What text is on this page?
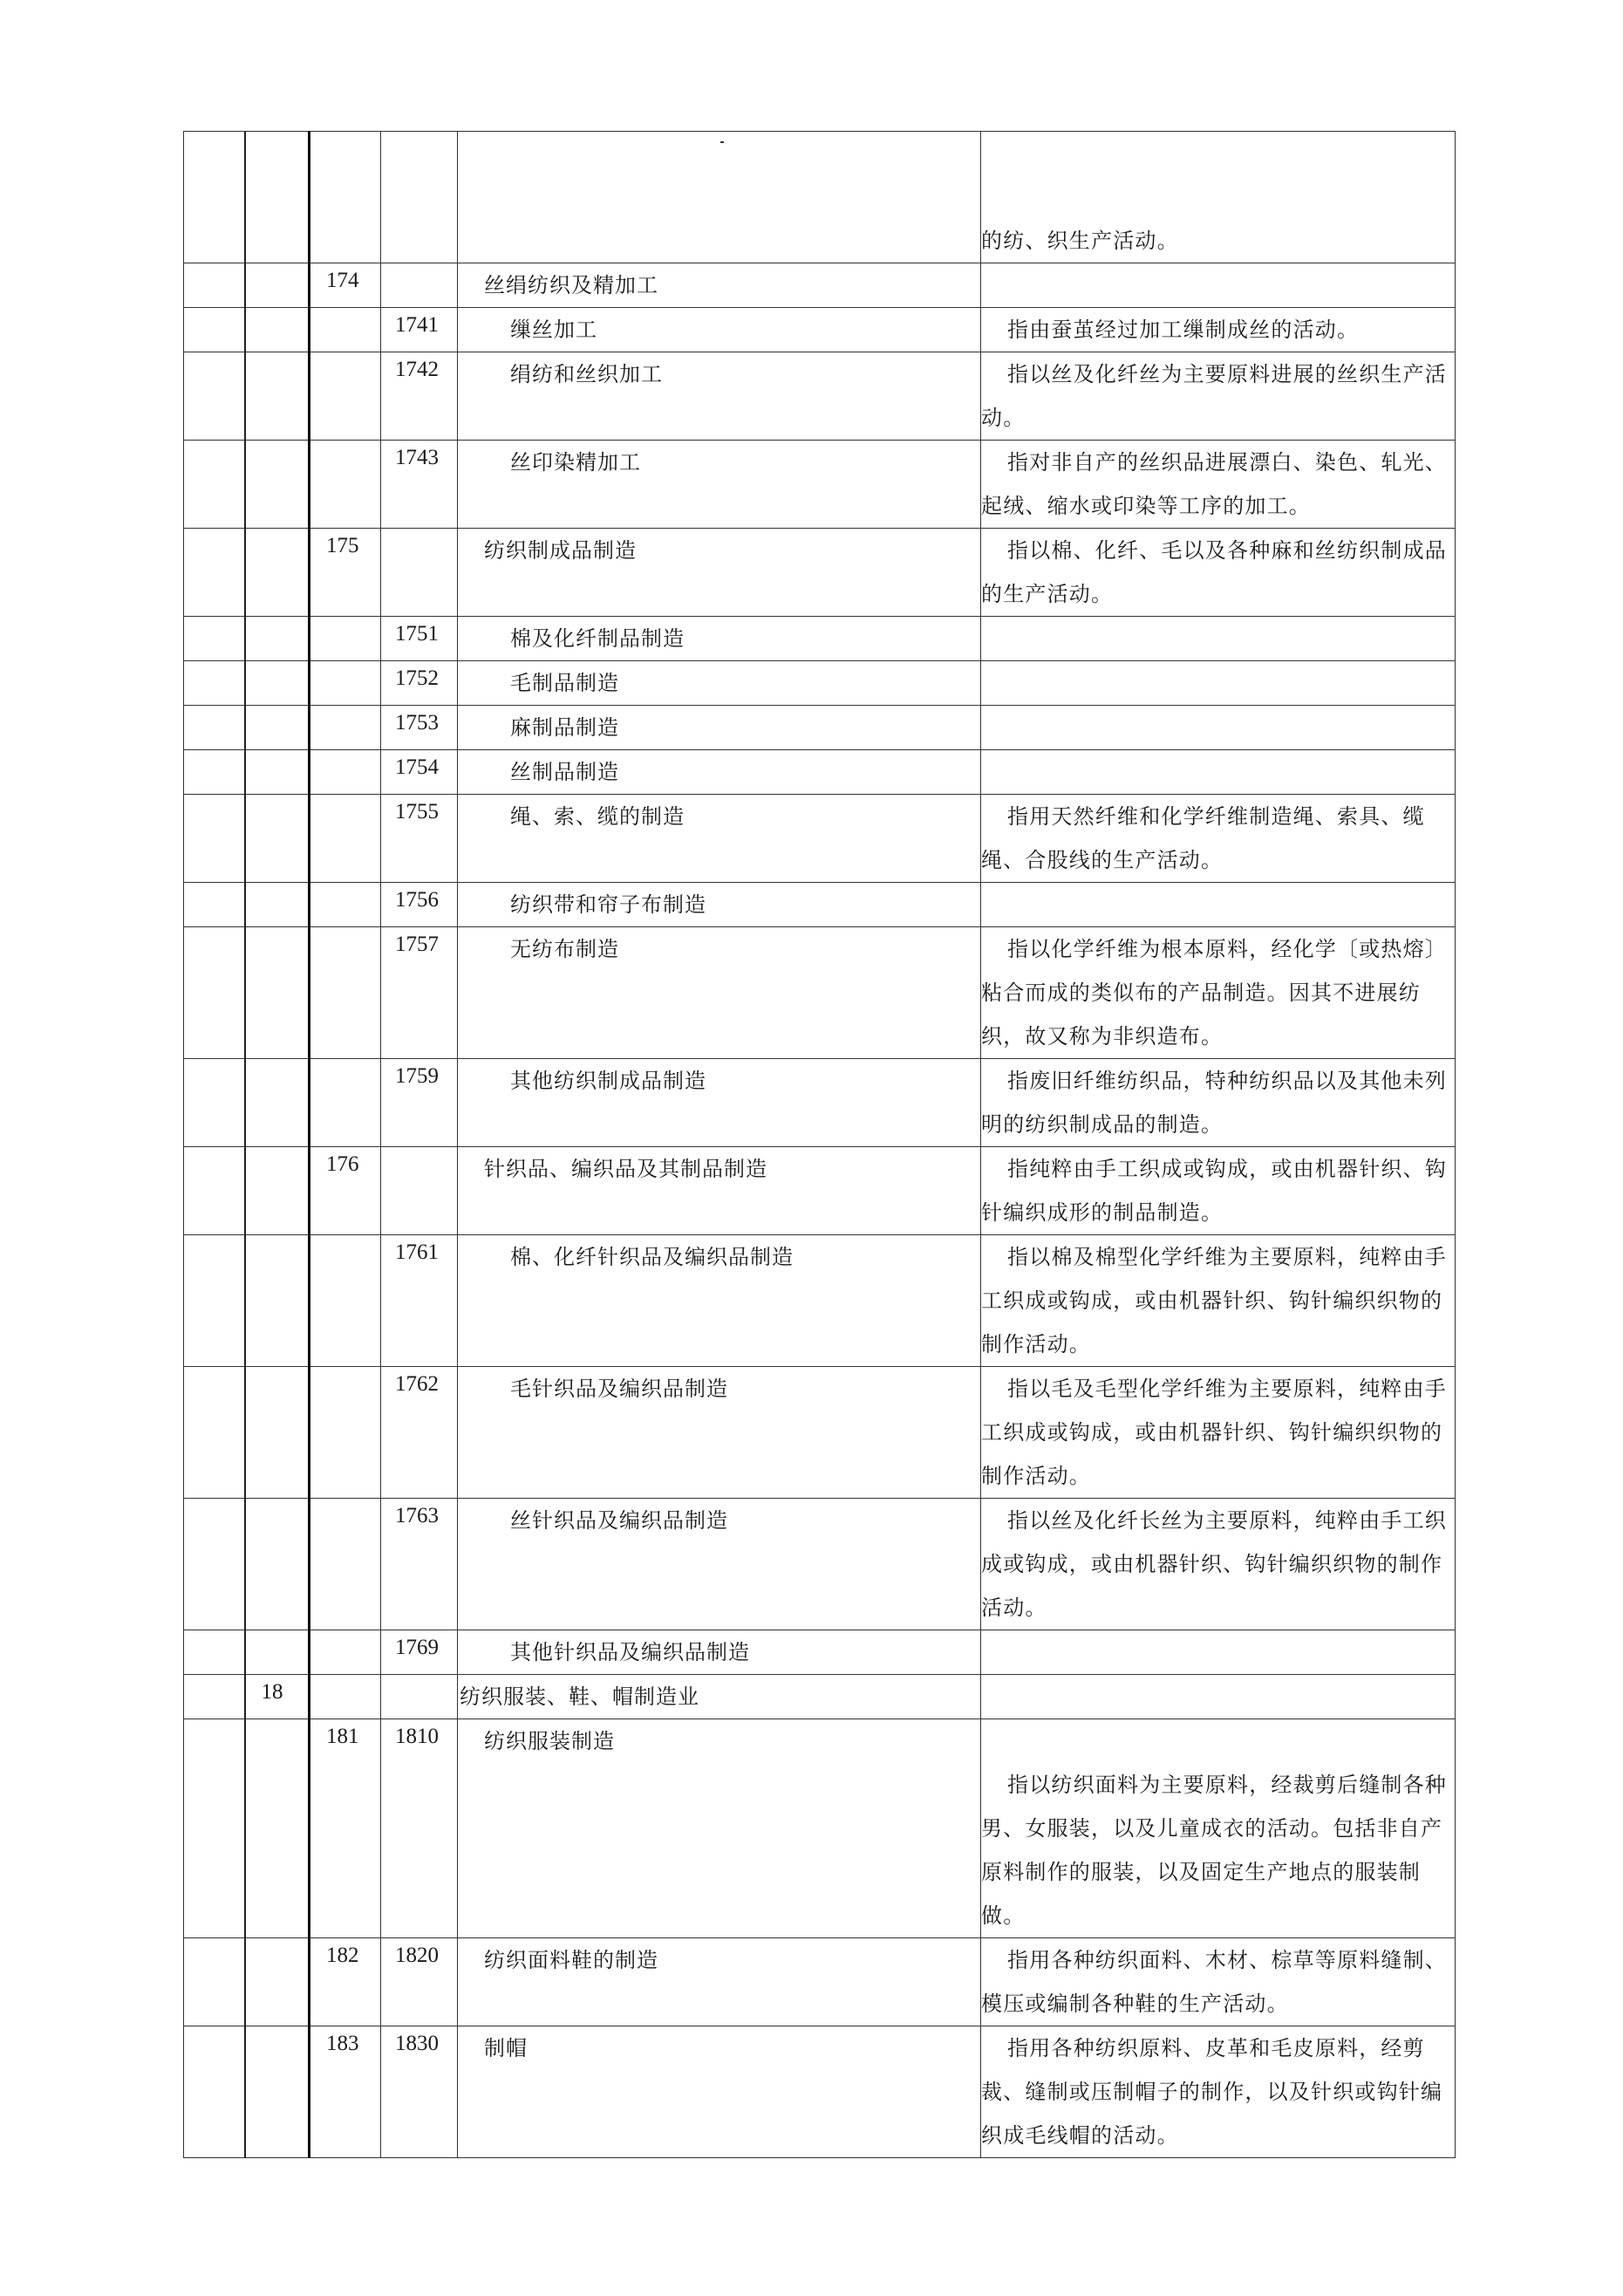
					的纺、织生产活动。

		174		丝绢纺织及精加工	

			1741	缫丝加工	指由蚕茧经过加工缫制成丝的活动。

			1742	绢纺和丝织加工	指以丝及化纤丝为主要原料进展的丝织生产活动。

			1743	丝印染精加工	指对非自产的丝织品进展漂白、染色、轧光、起绒、缩水或印染等工序的加工。

		175		纺织制成品制造	指以棉、化纤、毛以及各种麻和丝纺织制成品的生产活动。

			1751	棉及化纤制品制造	

			1752	毛制品制造	

			1753	麻制品制造	

			1754	丝制品制造	

			1755	绳、索、缆的制造	指用天然纤维和化学纤维制造绳、索具、缆绳、合股线的生产活动。

			1756	纺织带和帘子布制造	

			1757	无纺布制造	指以化学纤维为根本原料，经化学〔或热熔〕粘合而成的类似布的产品制造。因其不进展纺织，故又称为非织造布。

			1759	其他纺织制成品制造	指废旧纤维纺织品，特种纺织品以及其他未列明的纺织制成品的制造。

		176		针织品、编织品及其制品制造	指纯粹由手工织成或钩成，或由机器针织、钩针编织成形的制品制造。

			1761	棉、化纤针织品及编织品制造	指以棉及棉型化学纤维为主要原料，纯粹由手工织成或钩成，或由机器针织、钩针编织织物的制作活动。

			1762	毛针织品及编织品制造	指以毛及毛型化学纤维为主要原料，纯粹由手工织成或钩成，或由机器针织、钩针编织织物的制作活动。

			1763	丝针织品及编织品制造	指以丝及化纤长丝为主要原料，纯粹由手工织成或钩成，或由机器针织、钩针编织织物的制作活动。

			1769	其他针织品及编织品制造	

	18			纺织服装、鞋、帽制造业	

		181	1810	纺织服装制造	指以纺织面料为主要原料，经裁剪后缝制各种男、女服装，以及儿童成衣的活动。包括非自产原料制作的服装，以及固定生产地点的服装制做。

		182	1820	纺织面料鞋的制造	指用各种纺织面料、木材、棕草等原料缝制、模压或编制各种鞋的生产活动。

		183	1830	制帽	指用各种纺织原料、皮革和毛皮原料，经剪裁、缝制或压制帽子的制作，以及针织或钩针编织成毛线帽的活动。
